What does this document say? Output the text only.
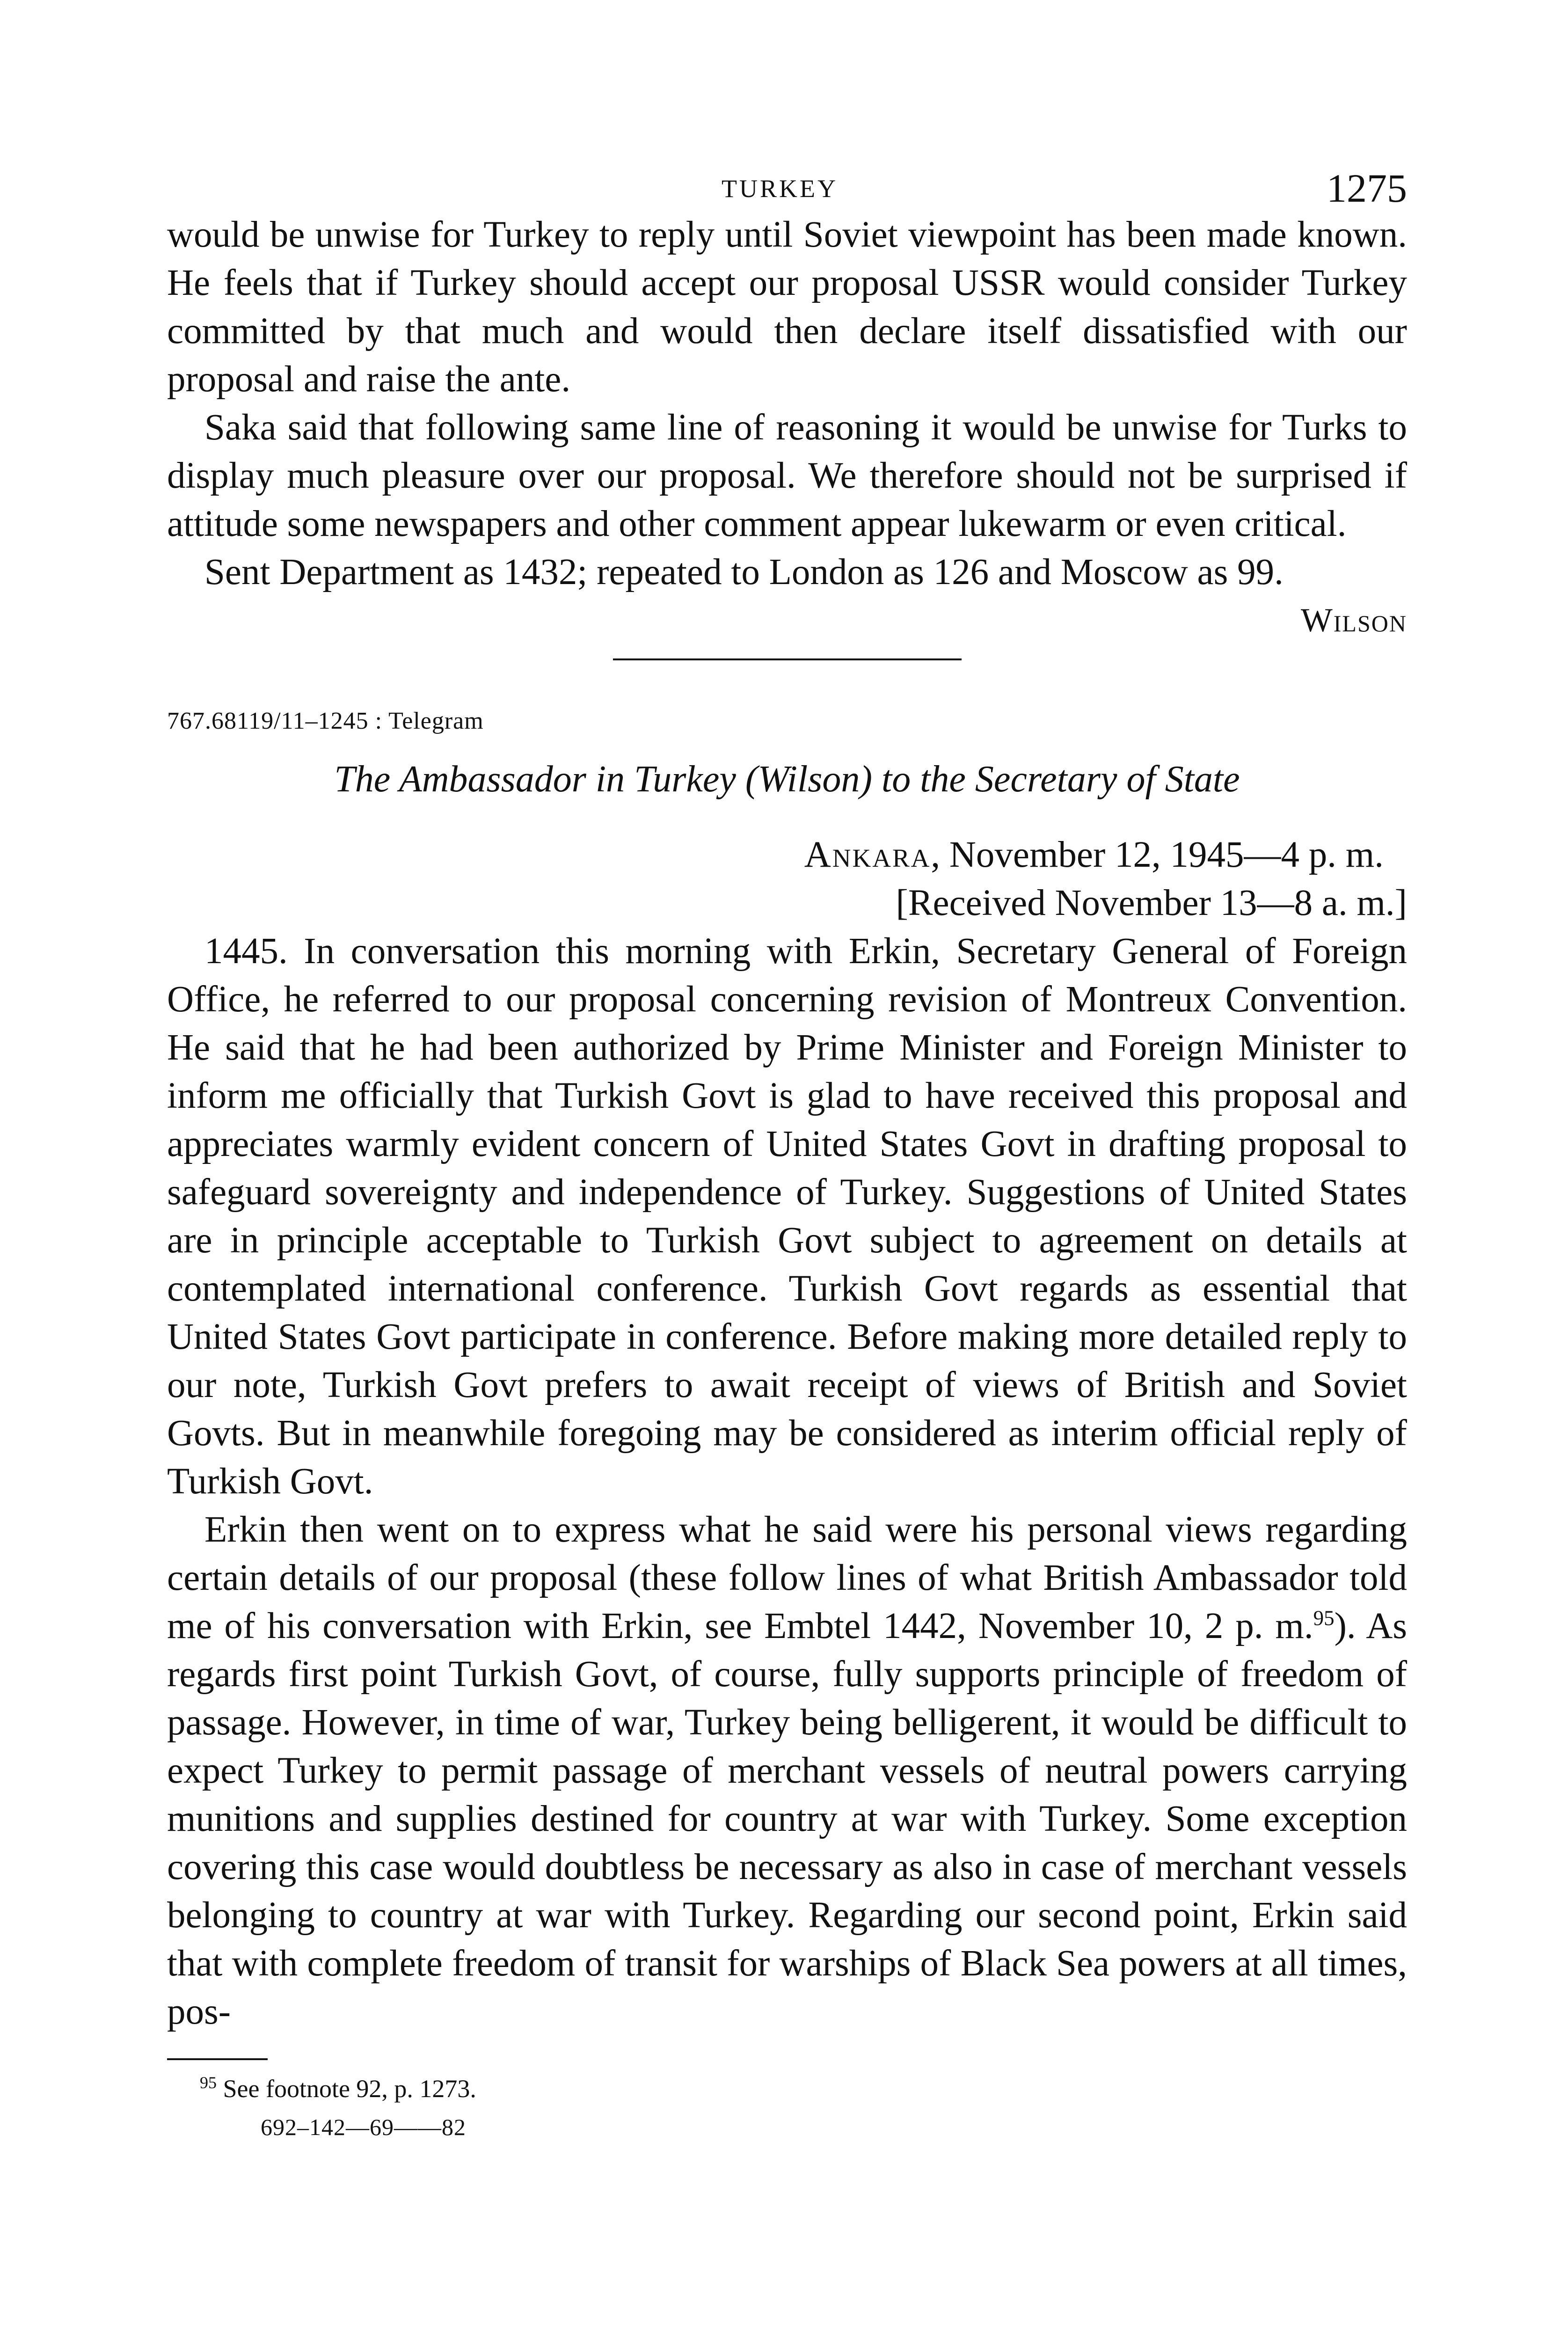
TURKEY	1275

would be unwise for Turkey to reply until Soviet viewpoint has been made known. He feels that if Turkey should accept our proposal USSR would consider Turkey committed by that much and would then declare itself dissatisfied with our proposal and raise the ante.

Saka said that following same line of reasoning it would be unwise for Turks to display much pleasure over our proposal. We therefore should not be surprised if attitude some newspapers and other comment appear lukewarm or even critical.

Sent Department as 1432; repeated to London as 126 and Moscow as 99.

Wilson
767.68119/11–1245 : Telegram
The Ambassador in Turkey (Wilson) to the Secretary of State
Ankara, November 12, 1945—4 p. m.
[Received November 13—8 a. m.]

1445. In conversation this morning with Erkin, Secretary General of Foreign Office, he referred to our proposal concerning revision of Montreux Convention. He said that he had been authorized by Prime Minister and Foreign Minister to inform me officially that Turkish Govt is glad to have received this proposal and appreciates warmly evident concern of United States Govt in drafting proposal to safeguard sovereignty and independence of Turkey. Suggestions of United States are in principle acceptable to Turkish Govt subject to agreement on details at contemplated international conference. Turkish Govt regards as essential that United States Govt participate in conference. Before making more detailed reply to our note, Turkish Govt prefers to await receipt of views of British and Soviet Govts. But in meanwhile foregoing may be considered as interim official reply of Turkish Govt.

Erkin then went on to express what he said were his personal views regarding certain details of our proposal (these follow lines of what British Ambassador told me of his conversation with Erkin, see Embtel 1442, November 10, 2 p. m.$^{95}$). As regards first point Turkish Govt, of course, fully supports principle of freedom of passage. However, in time of war, Turkey being belligerent, it would be difficult to expect Turkey to permit passage of merchant vessels of neutral powers carrying munitions and supplies destined for country at war with Turkey. Some exception covering this case would doubtless be necessary as also in case of merchant vessels belonging to country at war with Turkey. Regarding our second point, Erkin said that with complete freedom of transit for warships of Black Sea powers at all times, pos-

$^{95}$ See footnote 92, p. 1273.
692–142—69——82
